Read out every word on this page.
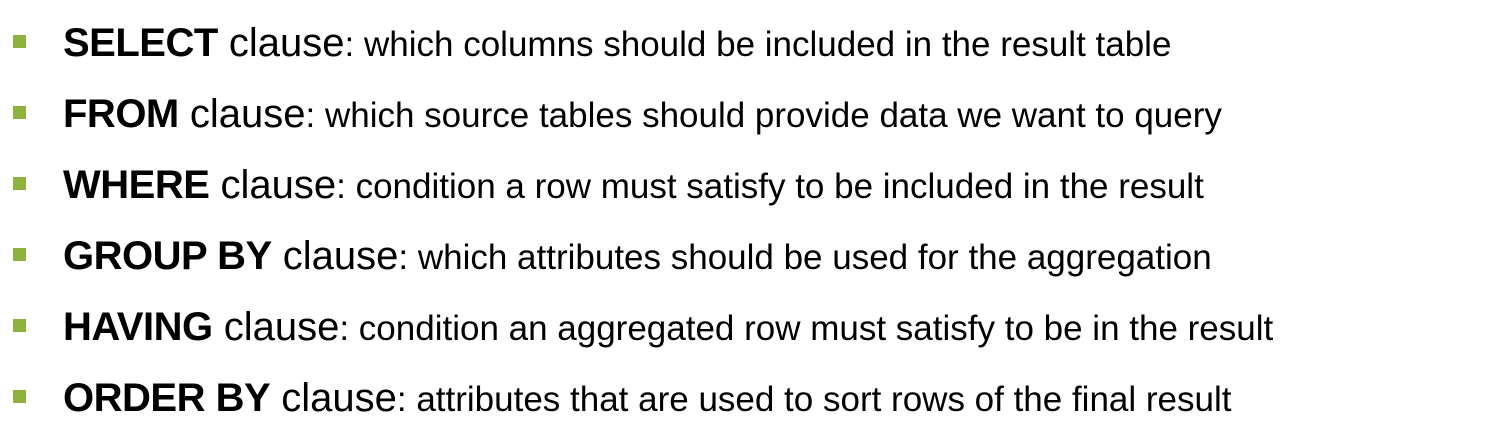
SELECT clause: which columns should be included in the result table
FROM clause: which source tables should provide data we want to query
WHERE clause: condition a row must satisfy to be included in the result
GROUP BY clause: which attributes should be used for the aggregation
HAVING clause: condition an aggregated row must satisfy to be in the result
ORDER BY clause: attributes that are used to sort rows of the final result
